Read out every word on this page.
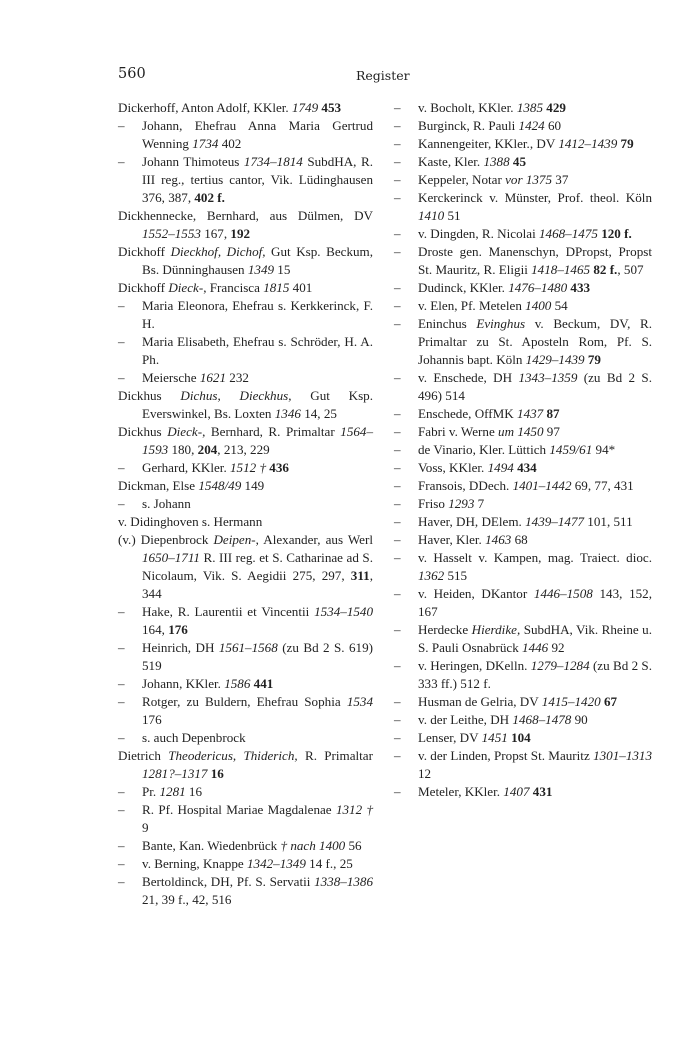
560	Register
Dickerhoff, Anton Adolf, KKler. 1749 453
– Johann, Ehefrau Anna Maria Gertrud Wenning 1734 402
– Johann Thimoteus 1734–1814 SubdHA, R. III reg., tertius cantor, Vik. Lüdinghausen 376, 387, 402 f.
Dickhennecke, Bernhard, aus Dülmen, DV 1552–1553 167, 192
Dickhoff Dieckhof, Dichof, Gut Ksp. Beckum, Bs. Dünninghausen 1349 15
Dickhoff Dieck-, Francisca 1815 401
– Maria Eleonora, Ehefrau s. Kerkkerinck, F. H.
– Maria Elisabeth, Ehefrau s. Schröder, H. A. Ph.
– Meiersche 1621 232
Dickhus Dichus, Dieckhus, Gut Ksp. Everswinkel, Bs. Loxten 1346 14, 25
Dickhus Dieck-, Bernhard, R. Primaltar 1564–1593 180, 204, 213, 229
– Gerhard, KKler. 1512 † 436
Dickman, Else 1548/49 149
– s. Johann
v. Didinghoven s. Hermann
(v.) Diepenbrock Deipen-, Alexander, aus Werl 1650–1711 R. III reg. et S. Catharinae ad S. Nicolaum, Vik. S. Aegidii 275, 297, 311, 344
– Hake, R. Laurentii et Vincentii 1534–1540 164, 176
– Heinrich, DH 1561–1568 (zu Bd 2 S. 619) 519
– Johann, KKler. 1586 441
– Rotger, zu Buldern, Ehefrau Sophia 1534 176
– s. auch Depenbrock
Dietrich Theodericus, Thiderich, R. Primaltar 1281?–1317 16
– Pr. 1281 16
– R. Pf. Hospital Mariae Magdalenae 1312 † 9
– Bante, Kan. Wiedenbrück † nach 1400 56
– v. Berning, Knappe 1342–1349 14 f., 25
– Bertoldinck, DH, Pf. S. Servatii 1338–1386 21, 39 f., 42, 516
– v. Bocholt, KKler. 1385 429
– Burginck, R. Pauli 1424 60
– Kannengeiter, KKler., DV 1412–1439 79
– Kaste, Kler. 1388 45
– Keppeler, Notar vor 1375 37
– Kerckerinck v. Münster, Prof. theol. Köln 1410 51
– v. Dingden, R. Nicolai 1468–1475 120 f.
– Droste gen. Manenschyn, DPropst, Propst St. Mauritz, R. Eligii 1418–1465 82 f., 507
– Dudinck, KKler. 1476–1480 433
– v. Elen, Pf. Metelen 1400 54
– Eninchus Evinghus v. Beckum, DV, R. Primaltar zu St. Aposteln Rom, Pf. S. Johannis bapt. Köln 1429–1439 79
– v. Enschede, DH 1343–1359 (zu Bd 2 S. 496) 514
– Enschede, OffMK 1437 87
– Fabri v. Werne um 1450 97
– de Vinario, Kler. Lüttich 1459/61 94*
– Voss, KKler. 1494 434
– Fransois, DDech. 1401–1442 69, 77, 431
– Friso 1293 7
– Haver, DH, DElem. 1439–1477 101, 511
– Haver, Kler. 1463 68
– v. Hasselt v. Kampen, mag. Traiect. dioc. 1362 515
– v. Heiden, DKantor 1446–1508 143, 152, 167
– Herdecke Hierdike, SubdHA, Vik. Rheine u. S. Pauli Osnabrück 1446 92
– v. Heringen, DKelln. 1279–1284 (zu Bd 2 S. 333 ff.) 512 f.
– Husman de Gelria, DV 1415–1420 67
– v. der Leithe, DH 1468–1478 90
– Lenser, DV 1451 104
– v. der Linden, Propst St. Mauritz 1301–1313 12
– Meteler, KKler. 1407 431
